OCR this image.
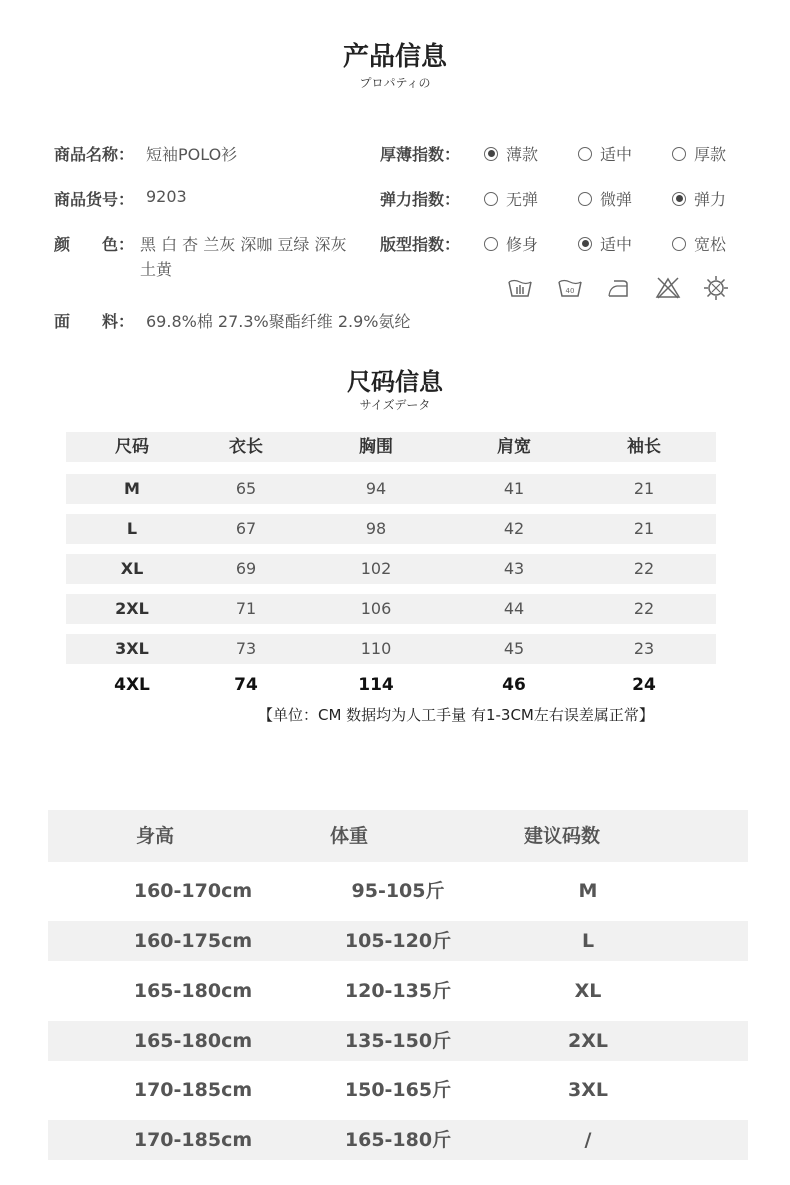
产品信息
プロパティの
商品名称： 短袖POLO衫
商品货号： 9203
颜　　色： 黑 白 杏 兰灰 深咖 豆绿 深灰
土黄
面　　料： 69.8%棉 27.3%聚酯纤维 2.9%氨纶
厚薄指数：	薄款	适中	厚款
弹力指数：	无弹	微弹	弹力
版型指数：	修身	适中	宽松
40
尺码信息
サイズデータ
尺码	衣长	胸围	肩宽	袖长
M	65	94	41	21
L	67	98	42	21
XL	69	102	43	22
2XL	71	106	44	22
3XL	73	110	45	23
4XL	74	114	46	24
【单位：CM 数据均为人工手量 有1-3CM左右误差属正常】
身高	体重	建议码数
160-170cm	95-105斤	M
160-175cm	105-120斤	L
165-180cm	120-135斤	XL
165-180cm	135-150斤	2XL
170-185cm	150-165斤	3XL
170-185cm	165-180斤	/
